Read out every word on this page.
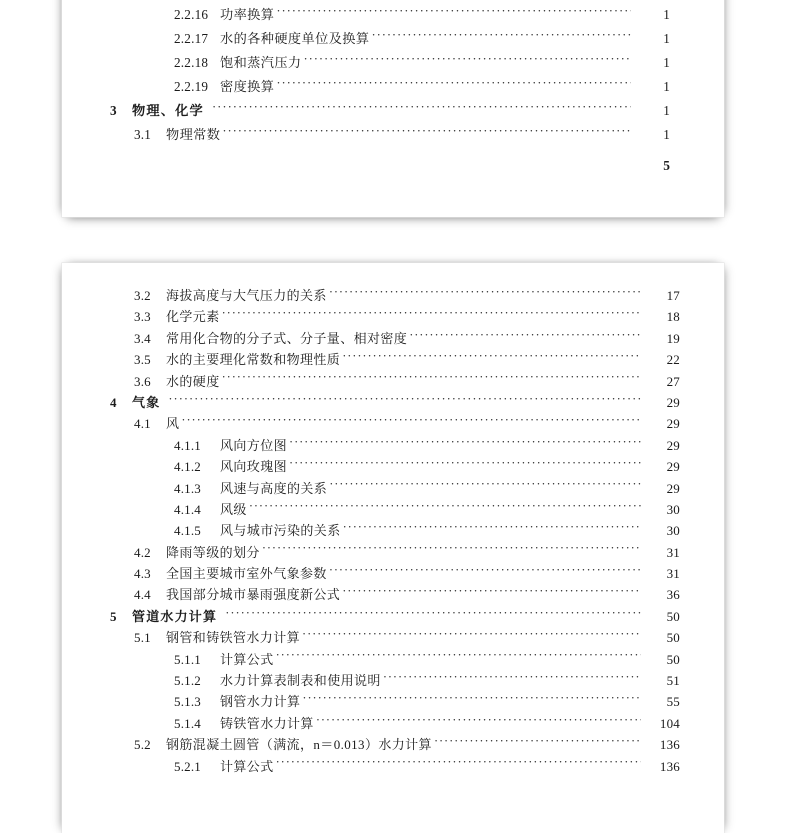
2.2.16 功率换算 ·····	1
2.2.17 水的各种硬度单位及换算 ·····	1
2.2.18 饱和蒸汽压力 ·····	1
2.2.19 密度换算 ·····	1
3	物理、化学 ·····	1
3.1	物理常数 ·····	1
5
3.2	海拔高度与大气压力的关系 ·····	17
3.3	化学元素 ·····	18
3.4	常用化合物的分子式、分子量、相对密度 ·····	19
3.5	水的主要理化常数和物理性质 ·····	22
3.6	水的硬度 ·····	27
4	气象 ·····	29
4.1	风 ·····	29
4.1.1	风向方位图 ·····	29
4.1.2	风向玫瑰图 ·····	29
4.1.3	风速与高度的关系 ·····	29
4.1.4	风级 ·····	30
4.1.5	风与城市污染的关系 ·····	30
4.2	降雨等级的划分 ·····	31
4.3	全国主要城市室外气象参数 ·····	31
4.4	我国部分城市暴雨强度新公式 ·····	36
5	管道水力计算 ·····	50
5.1	钢管和铸铁管水力计算 ·····	50
5.1.1	计算公式 ·····	50
5.1.2	水力计算表制表和使用说明 ·····	51
5.1.3	钢管水力计算 ·····	55
5.1.4	铸铁管水力计算 ·····	104
5.2	钢筋混凝土圆管（满流，n＝0.013）水力计算 ·····	136
5.2.1	计算公式 ·····	136
